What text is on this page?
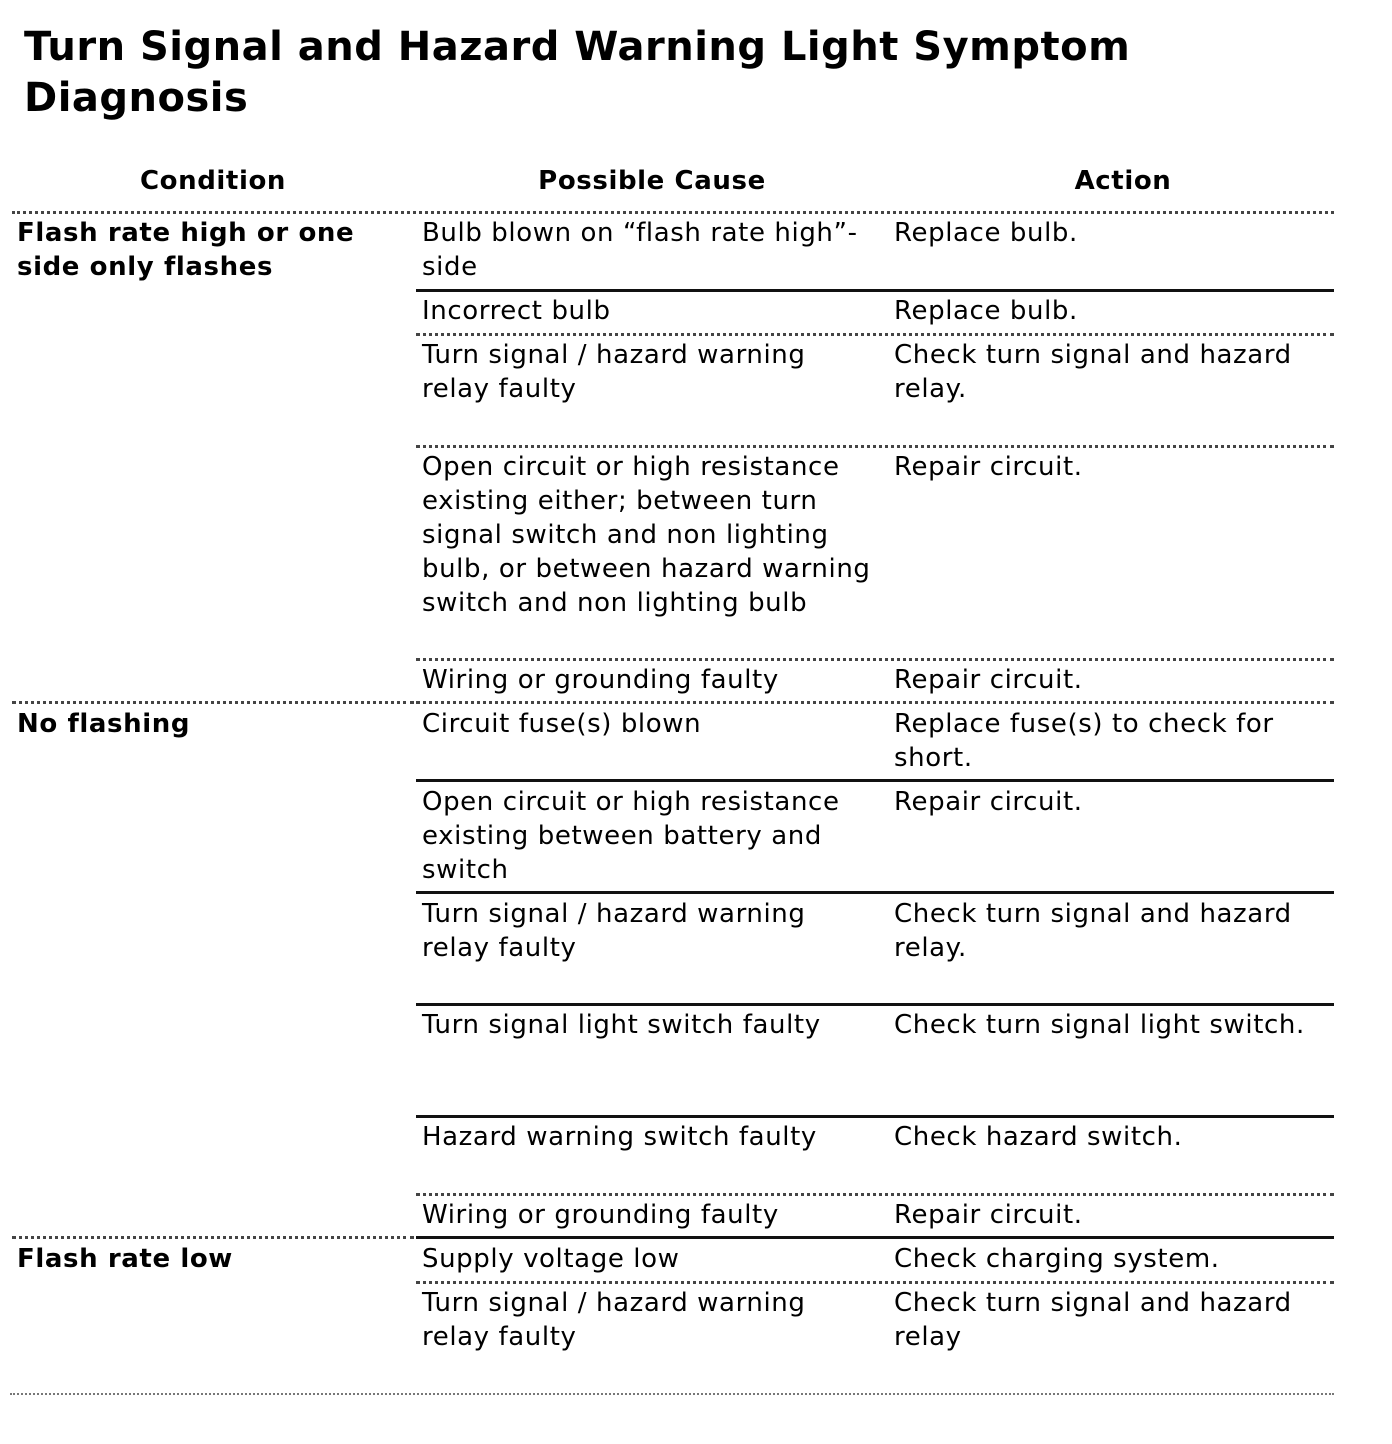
Turn Signal and Hazard Warning Light Symptom Diagnosis
Condition	Possible Cause	Action
Flash rate high or one side only flashes
No flashing
Flash rate low
Bulb blown on “flash rate high”-side
Incorrect bulb
Turn signal / hazard warning relay faulty
Open circuit or high resistance existing either; between turn signal switch and non lighting bulb, or between hazard warning switch and non lighting bulb
Wiring or grounding faulty
Circuit fuse(s) blown
Open circuit or high resistance existing between battery and switch
Turn signal / hazard warning relay faulty
Turn signal light switch faulty
Hazard warning switch faulty
Wiring or grounding faulty
Supply voltage low
Turn signal / hazard warning relay faulty
Replace bulb.
Replace bulb.
Check turn signal and hazard relay.
Repair circuit.
Repair circuit.
Replace fuse(s) to check for short.
Repair circuit.
Check turn signal and hazard relay.
Check turn signal light switch.
Check hazard switch.
Repair circuit.
Check charging system.
Check turn signal and hazard relay
